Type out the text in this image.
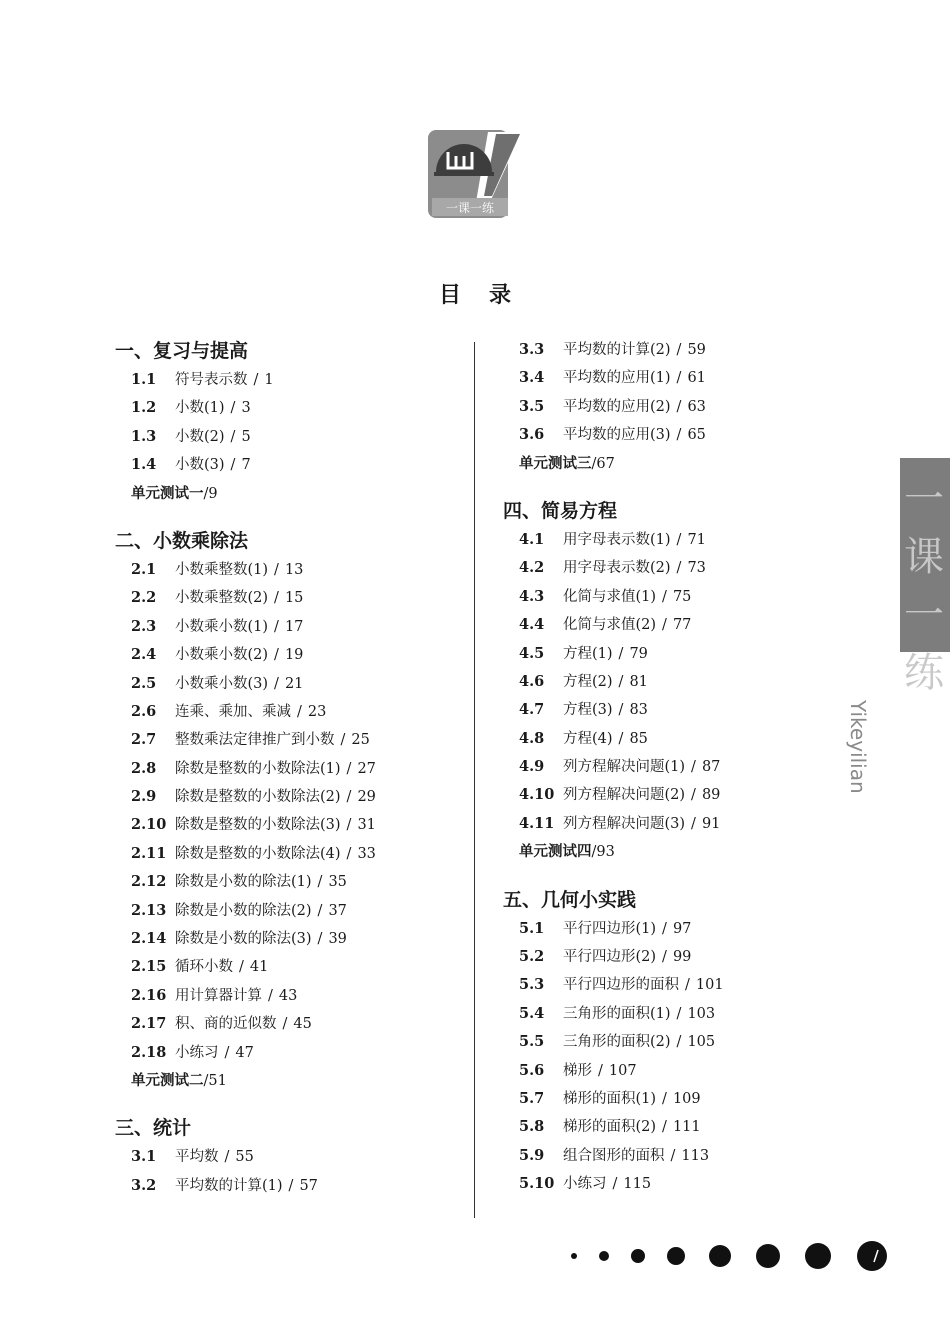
一课一练
目录
一、复习与提高
1.1 符号表示数 / 1
1.2 小数(1) / 3
1.3 小数(2) / 5
1.4 小数(3) / 7
单元测试一/9
二、小数乘除法
2.1 小数乘整数(1) / 13
2.2 小数乘整数(2) / 15
2.3 小数乘小数(1) / 17
2.4 小数乘小数(2) / 19
2.5 小数乘小数(3) / 21
2.6 连乘、乘加、乘减 / 23
2.7 整数乘法定律推广到小数 / 25
2.8 除数是整数的小数除法(1) / 27
2.9 除数是整数的小数除法(2) / 29
2.10 除数是整数的小数除法(3) / 31
2.11 除数是整数的小数除法(4) / 33
2.12 除数是小数的除法(1) / 35
2.13 除数是小数的除法(2) / 37
2.14 除数是小数的除法(3) / 39
2.15 循环小数 / 41
2.16 用计算器计算 / 43
2.17 积、商的近似数 / 45
2.18 小练习 / 47
单元测试二/51
三、统计
3.1 平均数 / 55
3.2 平均数的计算(1) / 57
3.3 平均数的计算(2) / 59
3.4 平均数的应用(1) / 61
3.5 平均数的应用(2) / 63
3.6 平均数的应用(3) / 65
单元测试三/67
四、简易方程
4.1 用字母表示数(1) / 71
4.2 用字母表示数(2) / 73
4.3 化简与求值(1) / 75
4.4 化简与求值(2) / 77
4.5 方程(1) / 79
4.6 方程(2) / 81
4.7 方程(3) / 83
4.8 方程(4) / 85
4.9 列方程解决问题(1) / 87
4.10 列方程解决问题(2) / 89
4.11 列方程解决问题(3) / 91
单元测试四/93
五、几何小实践
5.1 平行四边形(1) / 97
5.2 平行四边形(2) / 99
5.3 平行四边形的面积 / 101
5.4 三角形的面积(1) / 103
5.5 三角形的面积(2) / 105
5.6 梯形 / 107
5.7 梯形的面积(1) / 109
5.8 梯形的面积(2) / 111
5.9 组合图形的面积 / 113
5.10 小练习 / 115
一课一练
Yikeyilian
